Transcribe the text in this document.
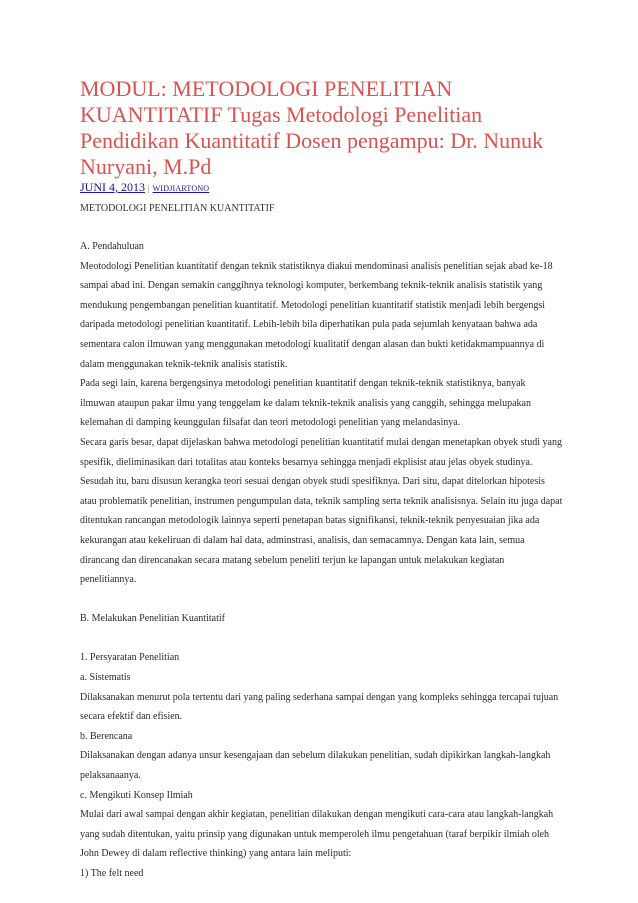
MODUL: METODOLOGI PENELITIAN KUANTITATIF Tugas Metodologi Penelitian Pendidikan Kuantitatif Dosen pengampu: Dr. Nunuk Nuryani, M.Pd
JUNI 4, 2013 | WIDJIARTONO
METODOLOGI PENELITIAN KUANTITATIF

A. Pendahuluan

Meotodologi Penelitian kuantitatif dengan teknik statistiknya diakui mendominasi analisis penelitian sejak abad ke-18 sampai abad ini. Dengan semakin canggihnya teknologi komputer, berkembang teknik-teknik analisis statistik yang mendukung pengembangan penelitian kuantitatif. Metodologi penelitian kuantitatif statistik menjadi lebih bergengsi daripada metodologi penelitian kuantitatif. Lebih-lebih bila diperhatikan pula pada sejumlah kenyataan bahwa ada sementara calon ilmuwan yang menggunakan metodologi kualitatif dengan alasan dan bukti ketidakmampuannya di dalam menggunakan teknik-teknik analisis statistik.

Pada segi lain, karena bergengsinya metodologi penelitian kuantitatif dengan teknik-teknik statistiknya, banyak ilmuwan ataupun pakar ilmu yang tenggelam ke dalam teknik-teknik analisis yang canggih, sehingga melupakan kelemahan di damping keunggulan filsafat dan teori metodologi penelitian yang melandasinya.

Secara garis besar, dapat dijelaskan bahwa metodologi penelitian kuantitatif mulai dengan menetapkan obyek studi yang spesifik, dieliminasikan dari totalitas atau konteks besarnya sehingga menjadi ekplisist atau jelas obyek studinya. Sesudah itu, baru disusun kerangka teori sesuai dengan obyek studi spesifiknya. Dari situ, dapat ditelorkan hipotesis atau problematik penelitian, instrumen pengumpulan data, teknik sampling serta teknik analisisnya. Selain itu juga dapat ditentukan rancangan metodologik lainnya seperti penetapan batas signifikansi, teknik-teknik penyesuaian jika ada kekurangan atau kekeliruan di dalam hal data, adminstrasi, analisis, dan semacamnya. Dengan kata lain, semua dirancang dan direncanakan secara matang sebelum peneliti terjun ke lapangan untuk melakukan kegiatan penelitiannya.

B. Melakukan Penelitian Kuantitatif

1. Persyaratan Penelitian

a. Sistematis

Dilaksanakan menurut pola tertentu dari yang paling sederhana sampai dengan yang kompleks sehingga tercapai tujuan secara efektif dan efisien.

b. Berencana

Dilaksanakan dengan adanya unsur kesengajaan dan sebelum dilakukan penelitian, sudah dipikirkan langkah-langkah pelaksanaanya.

c. Mengikuti Konsep Ilmiah

Mulai dari awal sampai dengan akhir kegiatan, penelitian dilakukan dengan mengikuti cara-cara atau langkah-langkah yang sudah ditentukan, yaitu prinsip yang digunakan untuk memperoleh ilmu pengetahuan (taraf berpikir ilmiah oleh John Dewey di dalam reflective thinking) yang antara lain meliputi:

1) The felt need
